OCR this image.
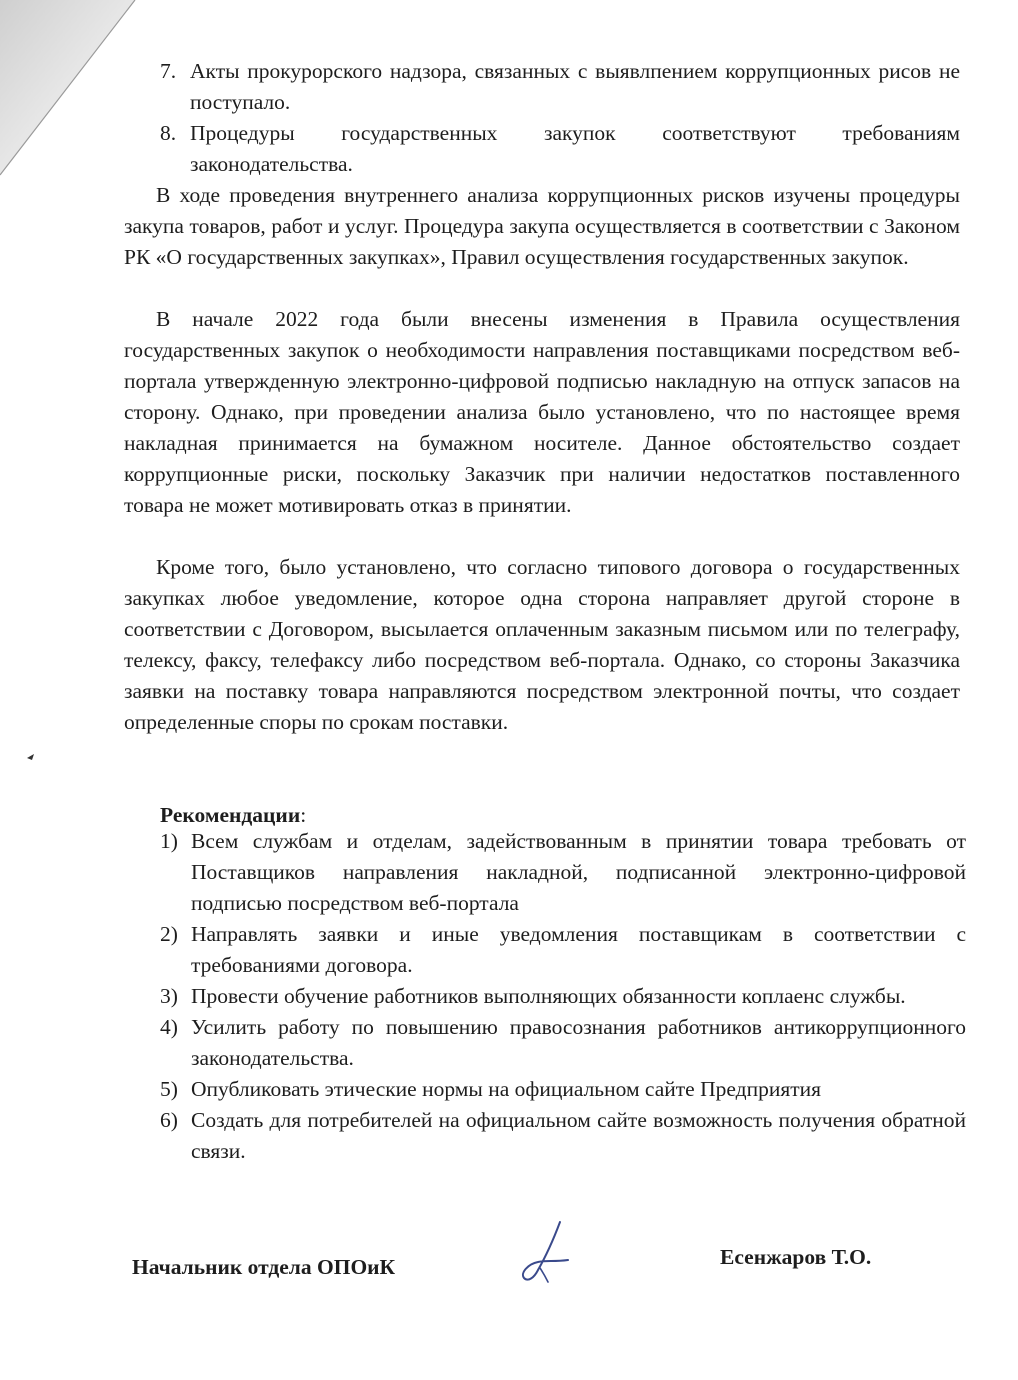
7. Акты прокурорского надзора, связанных с выявлпением коррупционных рисов не поступало.
8. Процедуры государственных закупок соответствуют требованиям законодательства.
В ходе проведения внутреннего анализа коррупционных рисков изучены процедуры закупа товаров, работ и услуг. Процедура закупа осуществляется в соответствии с Законом РК «О государственных закупках», Правил осуществления государственных закупок.
В начале 2022 года были внесены изменения в Правила осуществления государственных закупок о необходимости направления поставщиками посредством веб-портала утвержденную электронно-цифровой подписью накладную на отпуск запасов на сторону. Однако, при проведении анализа было установлено, что по настоящее время накладная принимается на бумажном носителе. Данное обстоятельство создает коррупционные риски, поскольку Заказчик при наличии недостатков поставленного товара не может мотивировать отказ в принятии.
Кроме того, было установлено, что согласно типового договора о государственных закупках любое уведомление, которое одна сторона направляет другой стороне в соответствии с Договором, высылается оплаченным заказным письмом или по телеграфу, телексу, факсу, телефаксу либо посредством веб-портала. Однако, со стороны Заказчика заявки на поставку товара направляются посредством электронной почты, что создает определенные споры по срокам поставки.
Рекомендации:
1) Всем службам и отделам, задействованным в принятии товара требовать от Поставщиков направления накладной, подписанной электронно-цифровой подписью посредством веб-портала
2) Направлять заявки и иные уведомления поставщикам в соответствии с требованиями договора.
3) Провести обучение работников выполняющих обязанности коплаенс службы.
4) Усилить работу по повышению правосознания работников антикоррупционного законодательства.
5) Опубликовать этические нормы на официальном сайте Предприятия
6) Создать для потребителей на официальном сайте возможность получения обратной связи.
Начальник отдела ОПОиК	Есенжаров Т.О.
